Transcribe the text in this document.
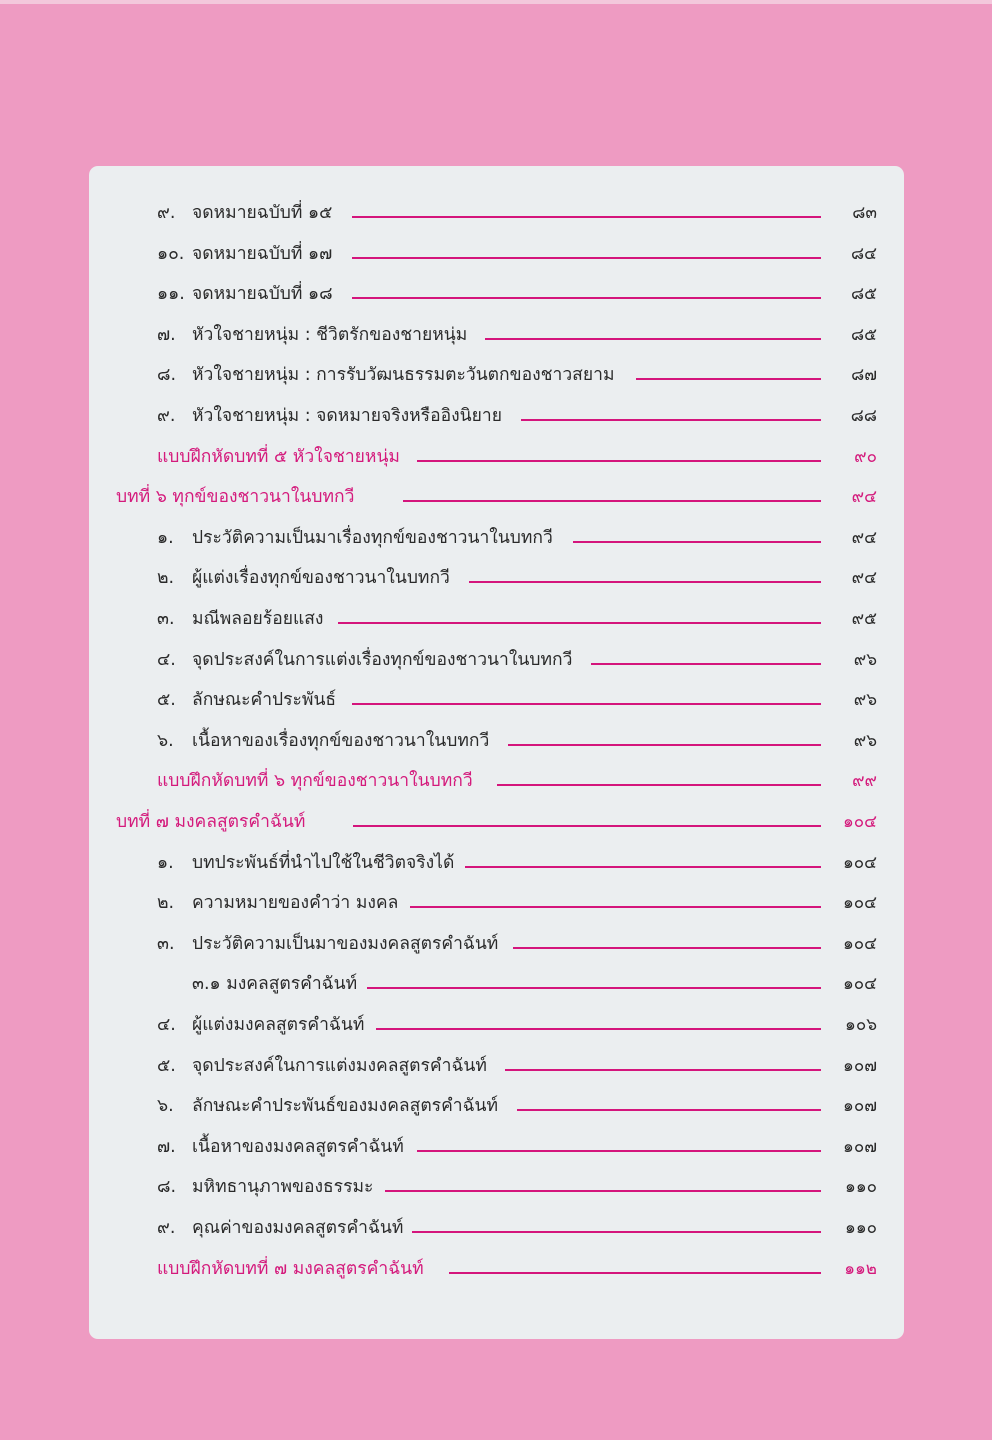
๙. จดหมายฉบับที่ ๑๕	๘๓
๑๐. จดหมายฉบับที่ ๑๗	๘๔
๑๑. จดหมายฉบับที่ ๑๘	๘๕
๗. หัวใจชายหนุ่ม : ชีวิตรักของชายหนุ่ม	๘๕
๘. หัวใจชายหนุ่ม : การรับวัฒนธรรมตะวันตกของชาวสยาม	๘๗
๙. หัวใจชายหนุ่ม : จดหมายจริงหรืออิงนิยาย	๘๘
แบบฝึกหัดบทที่ ๕ หัวใจชายหนุ่ม	๙๐
บทที่ ๖ ทุกข์ของชาวนาในบทกวี	๙๔
๑. ประวัติความเป็นมาเรื่องทุกข์ของชาวนาในบทกวี	๙๔
๒. ผู้แต่งเรื่องทุกข์ของชาวนาในบทกวี	๙๔
๓. มณีพลอยร้อยแสง	๙๕
๔. จุดประสงค์ในการแต่งเรื่องทุกข์ของชาวนาในบทกวี	๙๖
๕. ลักษณะคำประพันธ์	๙๖
๖. เนื้อหาของเรื่องทุกข์ของชาวนาในบทกวี	๙๖
แบบฝึกหัดบทที่ ๖ ทุกข์ของชาวนาในบทกวี	๙๙
บทที่ ๗ มงคลสูตรคำฉันท์	๑๐๔
๑. บทประพันธ์ที่นำไปใช้ในชีวิตจริงได้	๑๐๔
๒. ความหมายของคำว่า มงคล	๑๐๔
๓. ประวัติความเป็นมาของมงคลสูตรคำฉันท์	๑๐๔
๓.๑ มงคลสูตรคำฉันท์	๑๐๔
๔. ผู้แต่งมงคลสูตรคำฉันท์	๑๐๖
๕. จุดประสงค์ในการแต่งมงคลสูตรคำฉันท์	๑๐๗
๖. ลักษณะคำประพันธ์ของมงคลสูตรคำฉันท์	๑๐๗
๗. เนื้อหาของมงคลสูตรคำฉันท์	๑๐๗
๘. มหิทธานุภาพของธรรมะ	๑๑๐
๙. คุณค่าของมงคลสูตรคำฉันท์	๑๑๐
แบบฝึกหัดบทที่ ๗ มงคลสูตรคำฉันท์	๑๑๒
